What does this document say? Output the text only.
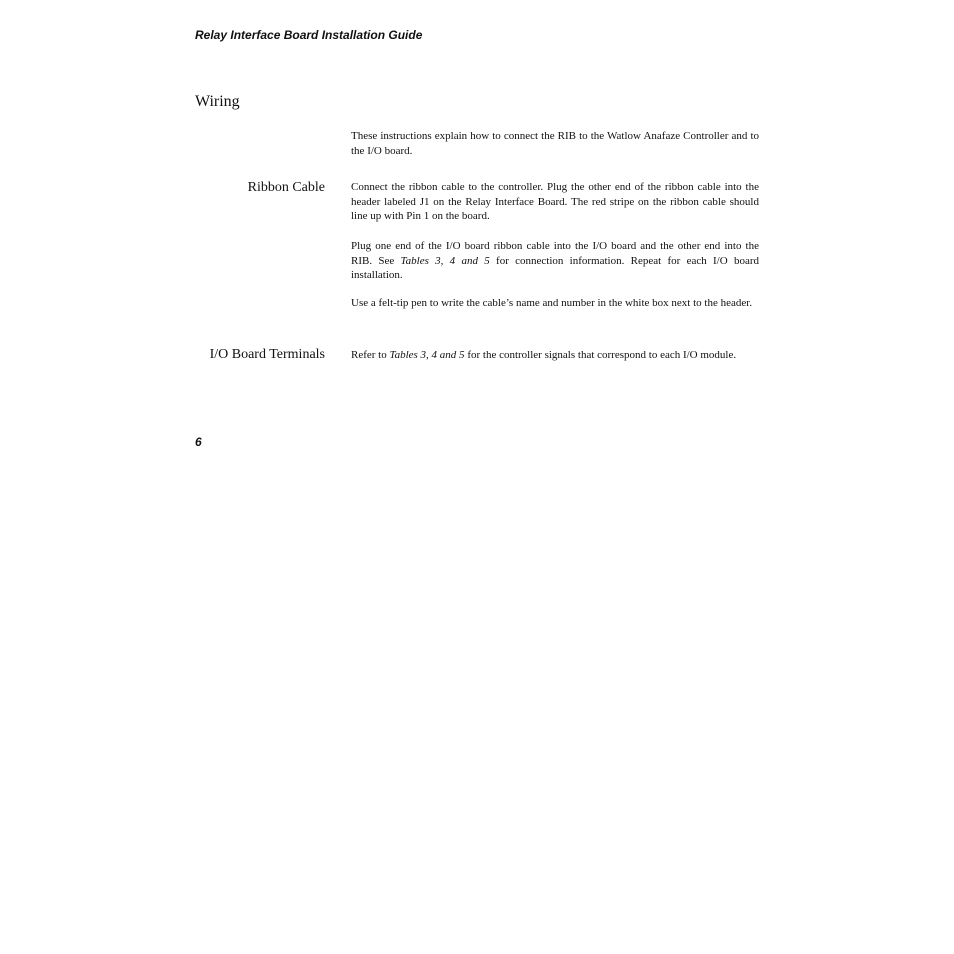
Relay Interface Board Installation Guide
Wiring

These instructions explain how to connect the RIB to the Watlow Anafaze Controller and to the I/O board.

Ribbon Cable Connect the ribbon cable to the controller. Plug the other end of the ribbon cable into the header labeled J1 on the Relay Interface Board. The red stripe on the ribbon cable should line up with Pin 1 on the board.

Plug one end of the I/O board ribbon cable into the I/O board and the other end into the RIB. See Tables 3, 4 and 5 for connection information. Repeat for each I/O board installation.

Use a felt-tip pen to write the cable’s name and number in the white box next to the header.

I/O Board Terminals Refer to Tables 3, 4 and 5 for the controller signals that correspond to each I/O module.

6
